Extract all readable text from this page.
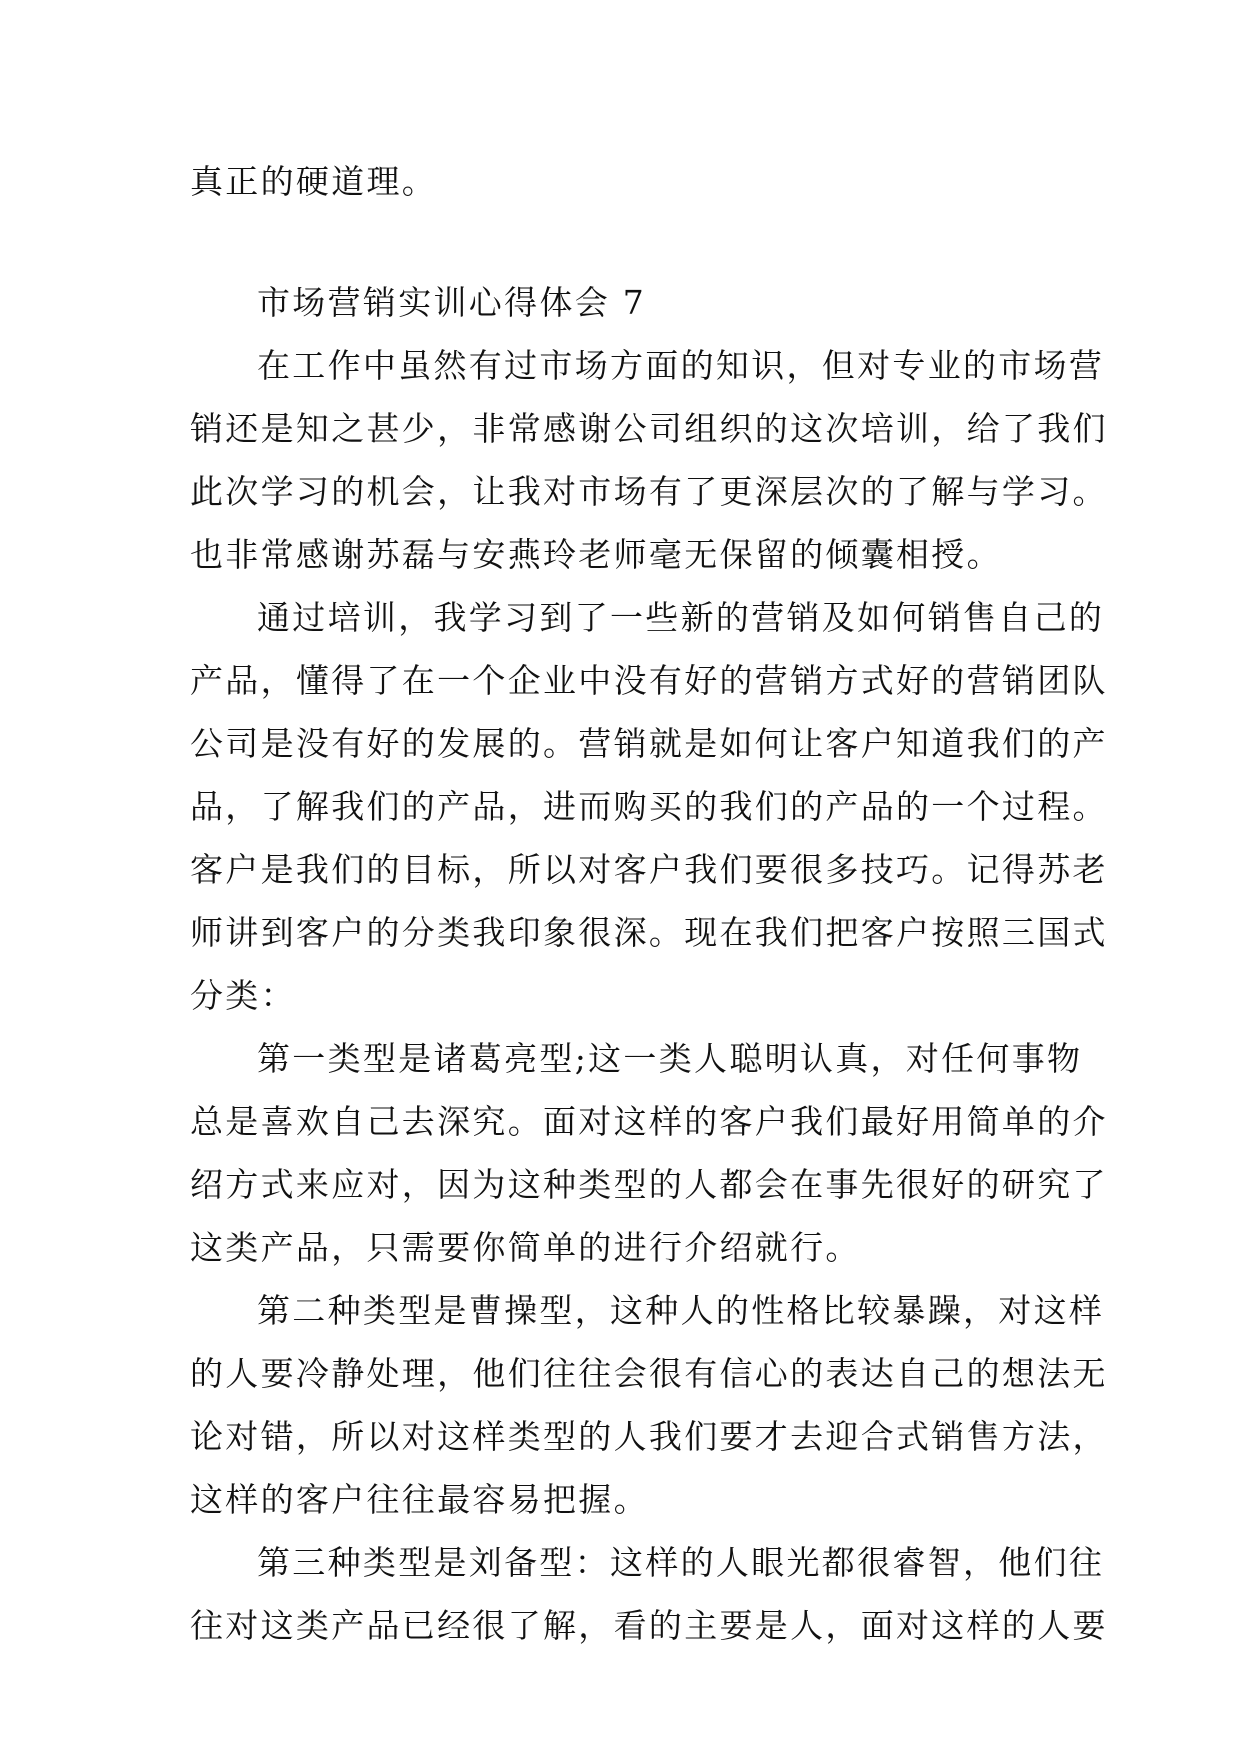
真正的硬道理。
市场营销实训心得体会 7
在工作中虽然有过市场方面的知识，但对专业的市场营
销还是知之甚少，非常感谢公司组织的这次培训，给了我们
此次学习的机会，让我对市场有了更深层次的了解与学习。
也非常感谢苏磊与安燕玲老师毫无保留的倾囊相授。
通过培训，我学习到了一些新的营销及如何销售自己的
产品，懂得了在一个企业中没有好的营销方式好的营销团队
公司是没有好的发展的。营销就是如何让客户知道我们的产
品，了解我们的产品，进而购买的我们的产品的一个过程。
客户是我们的目标，所以对客户我们要很多技巧。记得苏老
师讲到客户的分类我印象很深。现在我们把客户按照三国式
分类：
第一类型是诸葛亮型;这一类人聪明认真，对任何事物
总是喜欢自己去深究。面对这样的客户我们最好用简单的介
绍方式来应对，因为这种类型的人都会在事先很好的研究了
这类产品，只需要你简单的进行介绍就行。
第二种类型是曹操型，这种人的性格比较暴躁，对这样
的人要冷静处理，他们往往会很有信心的表达自己的想法无
论对错，所以对这样类型的人我们要才去迎合式销售方法，
这样的客户往往最容易把握。
第三种类型是刘备型：这样的人眼光都很睿智，他们往
往对这类产品已经很了解，看的主要是人，面对这样的人要
